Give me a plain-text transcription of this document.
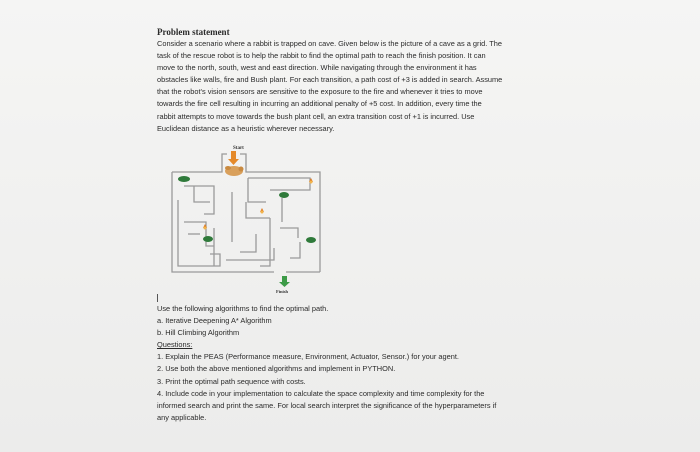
Problem statement

Consider a scenario where a rabbit is trapped on cave. Given below is the picture of a cave as a grid. The

task of the rescue robot is to help the rabbit to find the optimal path to reach the finish position. It can

move to the north, south, west and east direction. While navigating through the environment it has

obstacles like walls, fire and Bush plant. For each transition, a path cost of +3 is added in search. Assume

that the robot's vision sensors are sensitive to the exposure to the fire and whenever it tries to move

towards the fire cell resulting in incurring an additional penalty of +5 cost. In addition, every time the

rabbit attempts to move towards the bush plant cell, an extra transition cost of +1 is incurred. Use

Euclidean distance as a heuristic wherever necessary.

Start
Finish

Use the following algorithms to find the optimal path.

a. Iterative Deepening A* Algorithm

b. Hill Climbing Algorithm

Questions:

1. Explain the PEAS (Performance measure, Environment, Actuator, Sensor.) for your agent.

2. Use both the above mentioned algorithms and implement in PYTHON.

3. Print the optimal path sequence with costs.

4. Include code in your implementation to calculate the space complexity and time complexity for the

informed search and print the same. For local search interpret the significance of the hyperparameters if

any applicable.
